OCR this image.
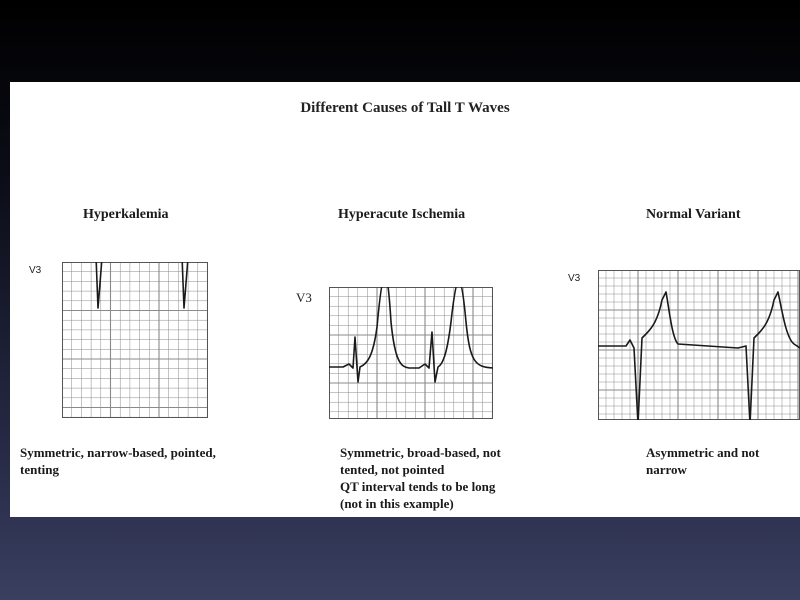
Different Causes of Tall T Waves
Hyperkalemia
V3
Symmetric, narrow-based, pointed,
tenting
Hyperacute Ischemia
V3
Symmetric, broad-based, not
tented, not pointed
QT interval tends to be long
(not in this example)
Normal Variant
V3
Asymmetric and not
narrow
